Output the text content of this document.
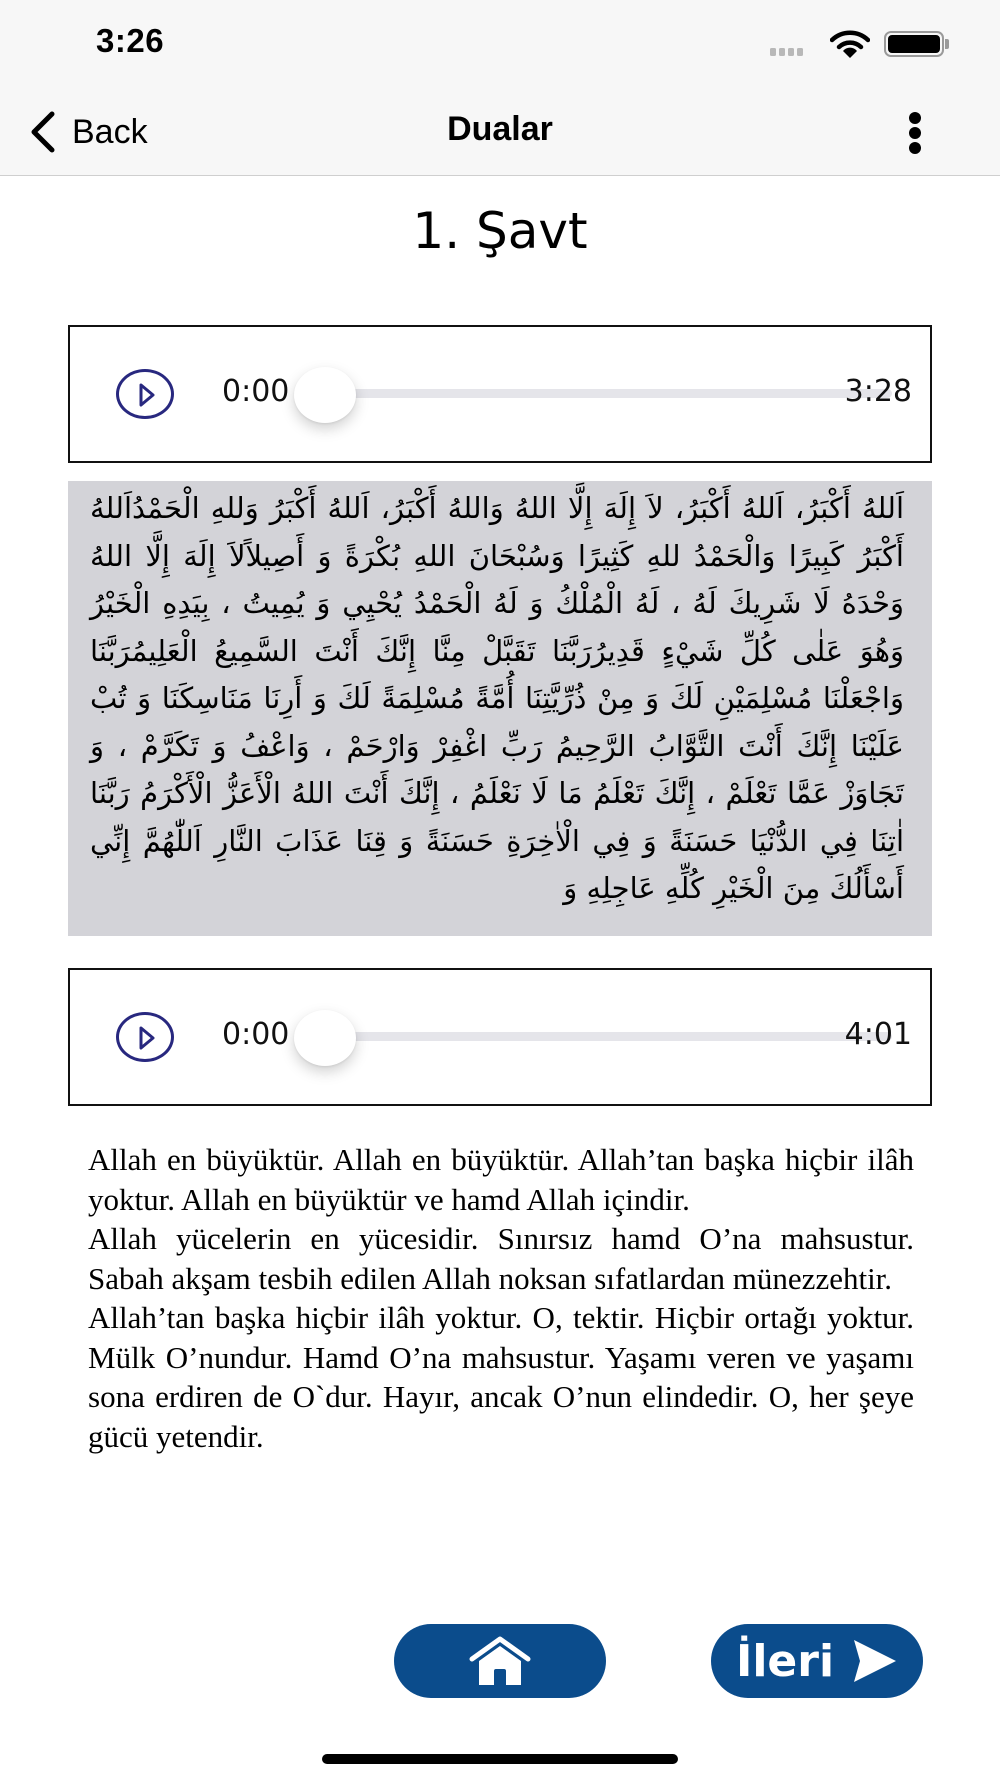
3:26
Back	Dualar
1. Şavt
0:00	3:28
اَللهُ أَكْبَرُ، اَللهُ أَكْبَرُ، لاَ إِلَهَ إِلَّا اللهُ وَاللهُ أَكْبَرُ، اَللهُ أَكْبَرُ وَللهِ الْحَمْدُاَللهُ أَكْبَرُ كَبِيرًا وَالْحَمْدُ للهِ كَثِيرًا وَسُبْحَانَ اللهِ بُكْرَةً وَ أَصِيلاًلاَ إِلَهَ إِلَّا اللهُ وَحْدَهُ لَا شَرِيكَ لَهُ ، لَهُ الْمُلْكُ وَ لَهُ الْحَمْدُ يُحْيِي وَ يُمِيتُ ، بِيَدِهِ الْخَيْرُ وَهُوَ عَلٰى كُلِّ شَيْءٍ قَدِيرُرَبَّنَا تَقَبَّلْ مِنَّا إِنَّكَ أَنْتَ السَّمِيعُ الْعَلِيمُرَبَّنَا وَاجْعَلْنَا مُسْلِمَيْنِ لَكَ وَ مِنْ ذُرِّيَّتِنَا أُمَّةً مُسْلِمَةً لَكَ وَ أَرِنَا مَنَاسِكَنَا وَ تُبْ عَلَيْنَا إِنَّكَ أَنْتَ التَّوَّابُ الرَّحِيمُ رَبِّ اغْفِرْ وَارْحَمْ ، وَاعْفُ وَ تَكَرَّمْ ، وَ تَجَاوَزْ عَمَّا تَعْلَمْ ، إِنَّكَ تَعْلَمُ مَا لَا نَعْلَمُ ، إِنَّكَ أَنْتَ اللهُ الْأَعَزُّ الْأَكْرَمُ رَبَّنَا اٰتِنَا فِي الدُّنْيَا حَسَنَةً وَ فِي الْاٰخِرَةِ حَسَنَةً وَ قِنَا عَذَابَ النَّارِ اَللّٰهُمَّ إِنِّي أَسْأَلُكَ مِنَ الْخَيْرِ كُلِّهِ عَاجِلِهِ وَ
0:00	4:01

Allah en büyüktür. Allah en büyüktür. Allah’tan başka hiçbir ilâh yoktur. Allah en büyüktür ve hamd Allah içindir.

Allah yücelerin en yücesidir. Sınırsız hamd O’na mahsustur. Sabah akşam tesbih edilen Allah noksan sıfatlardan münezzehtir.

Allah’tan başka hiçbir ilâh yoktur. O, tektir. Hiçbir ortağı yoktur. Mülk O’nundur. Hamd O’na mahsustur. Yaşamı veren ve yaşamı sona erdiren de O`dur. Hayır, ancak O’nun elindedir. O, her şeye gücü yetendir.

İleri
